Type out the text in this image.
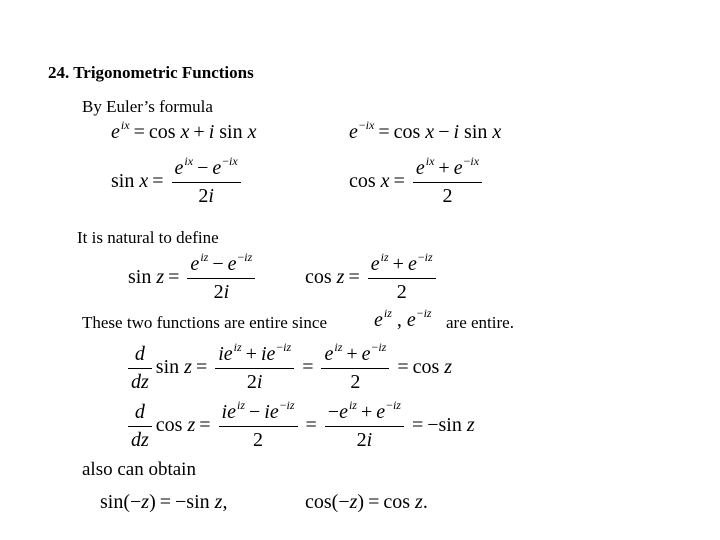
24. Trigonometric Functions
By Euler’s formula
$e^{ix} = \cos x + i$ sin x	$e^{-ix} = \cos x - i$ sin x
$\sin x = \frac{e^{ix} - e^{-ix}}{2i}$	$\cos x = \frac{e^{ix} + e^{-ix}}{2}$
It is natural to define
$\sin z = \frac{e^{iz} - e^{-iz}}{2i}$ $\cos z = \frac{e^{iz} + e^{-iz}}{2}$
These two functions are entire since $e^{iz}$ , $e^{-iz}$ are entire.
$\frac{d}{dz}$ $\sin z = \frac{ie^{iz} + ie^{-iz}}{2i} = \frac{e^{iz} + e^{-iz}}{2} = \cos z$
$\frac{d}{dz}$ $\cos z = \frac{ie^{iz} - ie^{-iz}}{2} = \frac{-e^{iz} + e^{-iz}}{2i} = -\sin$ z
also can obtain
sin(−z) = −sin z,	cos(−z) = cos z.
